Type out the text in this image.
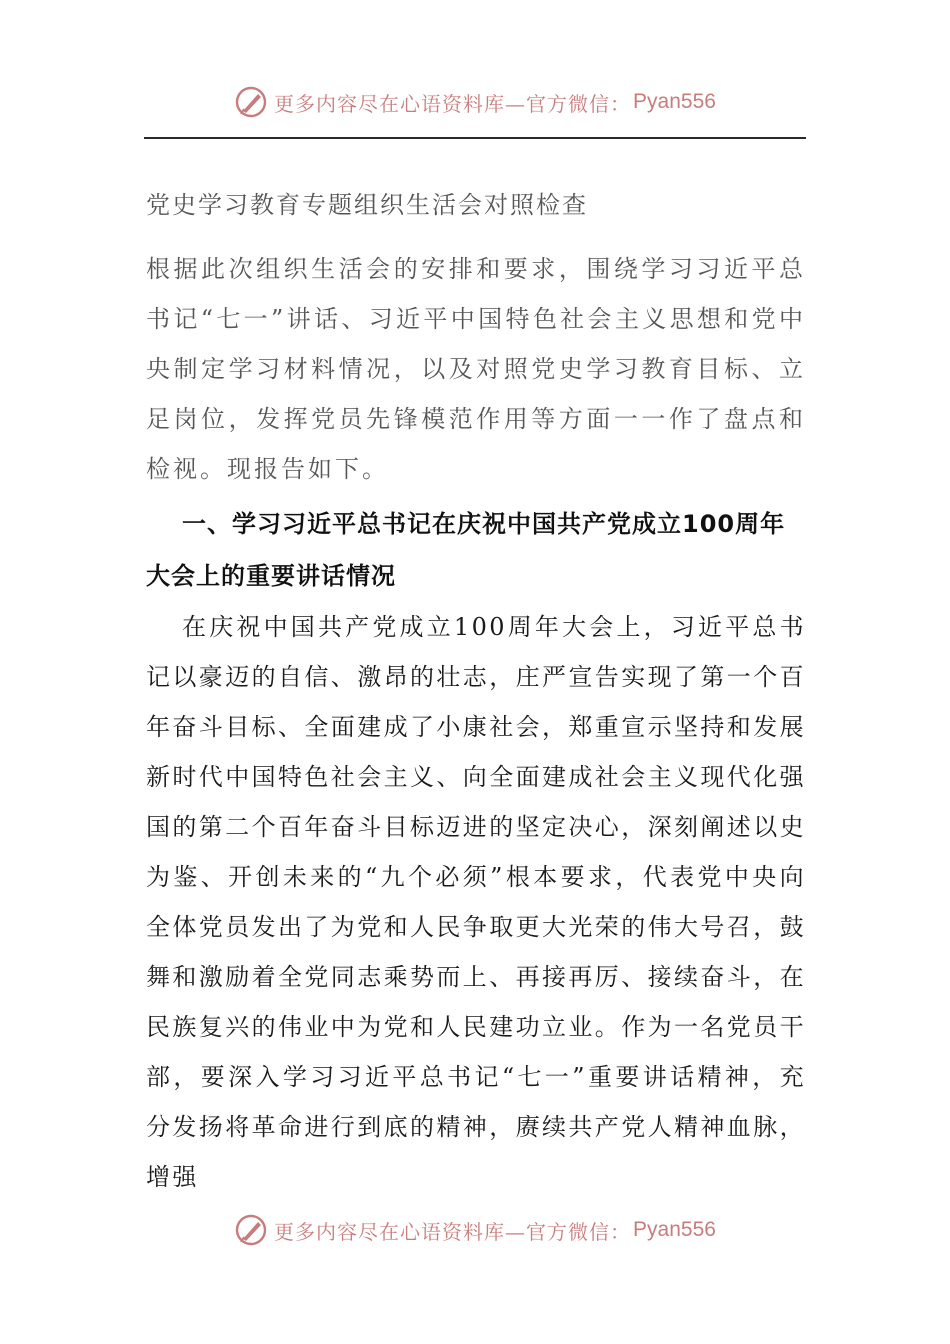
更多内容尽在心语资料库—官方微信： Pyan556
党史学习教育专题组织生活会对照检查

根据此次组织生活会的安排和要求，围绕学习习近平总书记“七一”讲话、习近平中国特色社会主义思想和党中央制定学习材料情况，以及对照党史学习教育目标、立足岗位，发挥党员先锋模范作用等方面一一作了盘点和检视。现报告如下。

一、学习习近平总书记在庆祝中国共产党成立100周年大会上的重要讲话情况

在庆祝中国共产党成立100周年大会上，习近平总书记以豪迈的自信、激昂的壮志，庄严宣告实现了第一个百年奋斗目标、全面建成了小康社会，郑重宣示坚持和发展新时代中国特色社会主义、向全面建成社会主义现代化强国的第二个百年奋斗目标迈进的坚定决心，深刻阐述以史为鉴、开创未来的“九个必须”根本要求，代表党中央向全体党员发出了为党和人民争取更大光荣的伟大号召，鼓舞和激励着全党同志乘势而上、再接再厉、接续奋斗，在民族复兴的伟业中为党和人民建功立业。作为一名党员干部，要深入学习习近平总书记“七一”重要讲话精神，充分发扬将革命进行到底的精神，赓续共产党人精神血脉，增强

更多内容尽在心语资料库—官方微信： Pyan556
